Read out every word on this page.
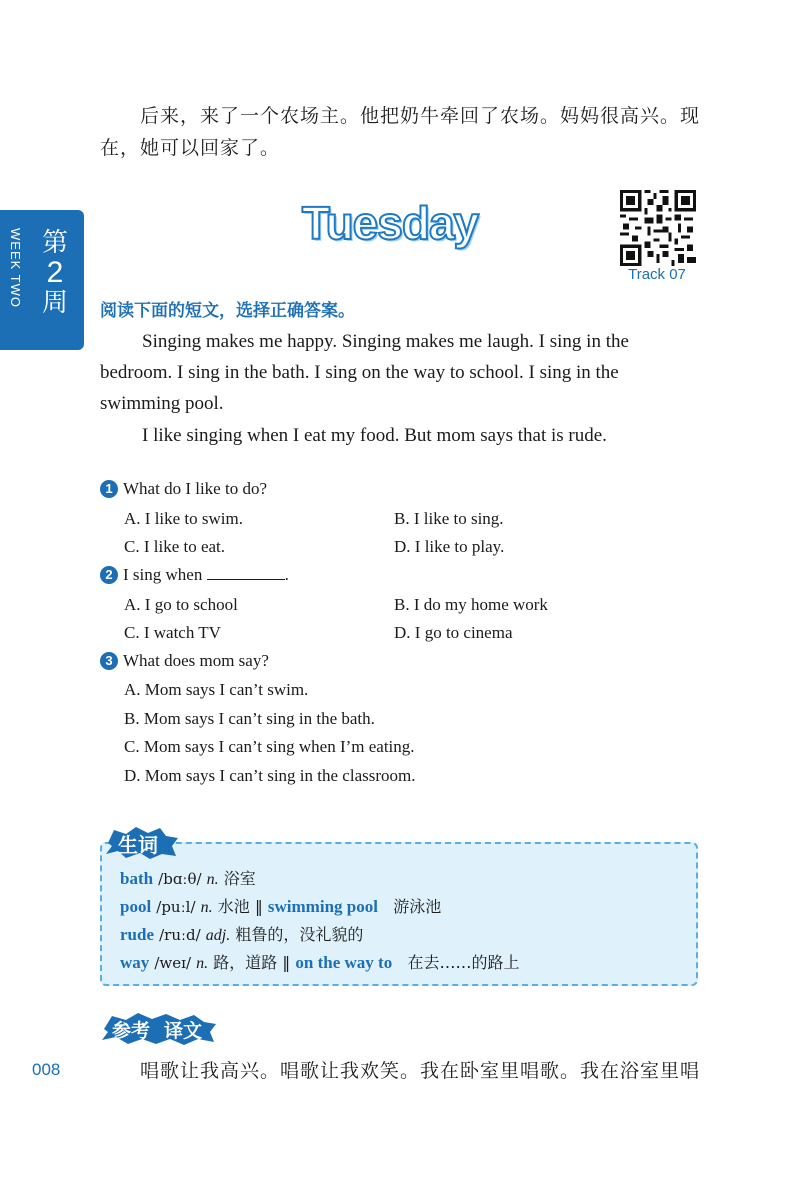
后来，来了一个农场主。他把奶牛牵回了农场。妈妈很高兴。现
在，她可以回家了。
第
2
周
WEEK TWO
Tuesday
Track 07
阅读下面的短文，选择正确答案。
Singing makes me happy. Singing makes me laugh. I sing in the bedroom. I sing in the bath. I sing on the way to school. I sing in the swimming pool.
I like singing when I eat my food. But mom says that is rude.
1 What do I like to do?
A. I like to swim.	B. I like to sing.
C. I like to eat.	D. I like to play.
2 I sing when	.
A. I go to school	B. I do my home work
C. I watch TV	D. I go to cinema
3 What does mom say?
A. Mom says I can’t swim.
B. Mom says I can’t sing in the bath.
C. Mom says I can’t sing when I’m eating.
D. Mom says I can’t sing in the classroom.
生词
bath /bɑːθ/ n. 浴室
pool /puːl/ n. 水池 ‖ swimming pool 游泳池
rude /ruːd/ adj. 粗鲁的，没礼貌的
way /weɪ/ n. 路，道路 ‖ on the way to 在去……的路上
参考 译文
008	唱歌让我高兴。唱歌让我欢笑。我在卧室里唱歌。我在浴室里唱
